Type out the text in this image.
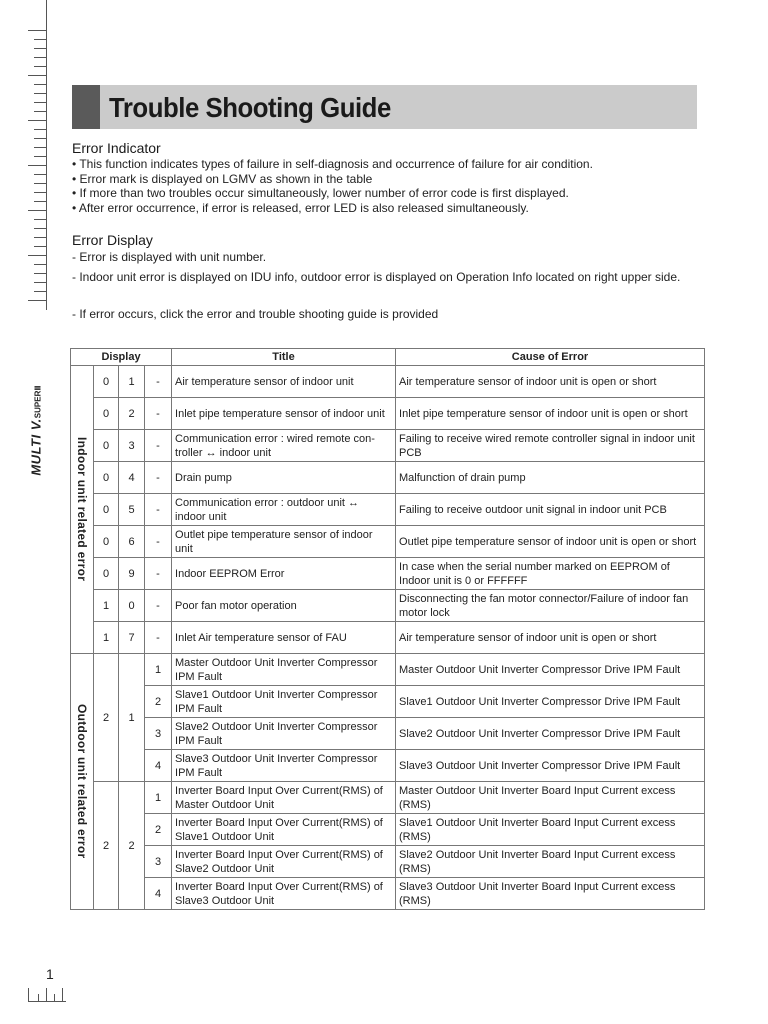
MULTI V.SUPERⅡ
Trouble Shooting Guide
Error Indicator
• This function indicates types of failure in self-diagnosis and occurrence of failure for air condition.
• Error mark is displayed on LGMV as shown in the table
• If more than two troubles occur simultaneously, lower number of error code is first displayed.
• After error occurrence, if error is released, error LED is also released simultaneously.
Error Display
- Error is displayed with unit number.
- Indoor unit error is displayed on IDU info, outdoor error is displayed on Operation Info located on right upper side.
- If error occurs, click the error and trouble shooting guide is provided
Display				Title	Cause of Error

Indoor unit related error	0	1	-	Air temperature sensor of indoor unit	Air temperature sensor of indoor unit is open or short
	0	2	-	Inlet pipe temperature sensor of indoor unit	Inlet pipe temperature sensor of indoor unit is open or short
	0	3	-	Communication error : wired remote con-troller ↔ indoor unit	Failing to receive wired remote controller signal in indoor unit PCB
	0	4	-	Drain pump	Malfunction of drain pump
	0	5	-	Communication error : outdoor unit ↔ indoor unit	Failing to receive outdoor unit signal in indoor unit PCB
	0	6	-	Outlet pipe temperature sensor of indoor unit	Outlet pipe temperature sensor of indoor unit is open or short
	0	9	-	Indoor EEPROM Error	In case when the serial number marked on EEPROM of Indoor unit is 0 or FFFFFF
	1	0	-	Poor fan motor operation	Disconnecting the fan motor connector/Failure of indoor fan motor lock
	1	7	-	Inlet Air temperature sensor of FAU	Air temperature sensor of indoor unit is open or short

Outdoor unit related error	2	1	1	Master Outdoor Unit Inverter Compressor IPM Fault	Master Outdoor Unit Inverter Compressor Drive IPM Fault
			2	Slave1 Outdoor Unit Inverter Compressor IPM Fault	Slave1 Outdoor Unit Inverter Compressor Drive IPM Fault
			3	Slave2 Outdoor Unit Inverter Compressor IPM Fault	Slave2 Outdoor Unit Inverter Compressor Drive IPM Fault
			4	Slave3 Outdoor Unit Inverter Compressor IPM Fault	Slave3 Outdoor Unit Inverter Compressor Drive IPM Fault
	2	2	1	Inverter Board Input Over Current(RMS) of Master Outdoor Unit	Master Outdoor Unit Inverter Board Input Current excess (RMS)
			2	Inverter Board Input Over Current(RMS) of Slave1 Outdoor Unit	Slave1 Outdoor Unit Inverter Board Input Current excess (RMS)
			3	Inverter Board Input Over Current(RMS) of Slave2 Outdoor Unit	Slave2 Outdoor Unit Inverter Board Input Current excess (RMS)
			4	Inverter Board Input Over Current(RMS) of Slave3 Outdoor Unit	Slave3 Outdoor Unit Inverter Board Input Current excess (RMS)
1
